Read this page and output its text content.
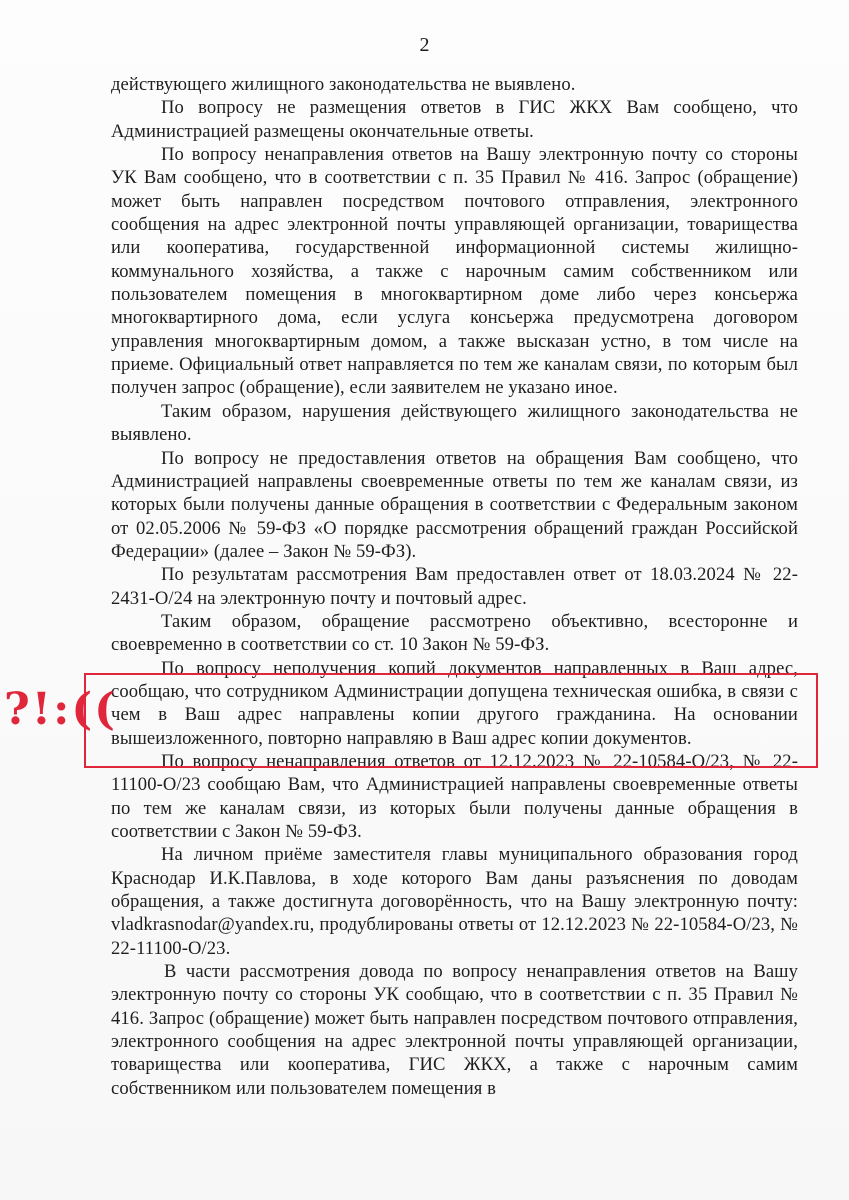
2

действующего жилищного законодательства не выявлено.

По вопросу не размещения ответов в ГИС ЖКХ Вам сообщено, что Администрацией размещены окончательные ответы.

По вопросу ненаправления ответов на Вашу электронную почту со стороны УК Вам сообщено, что в соответствии с п. 35 Правил № 416. Запрос (обращение) может быть направлен посредством почтового отправления, электронного сообщения на адрес электронной почты управляющей организации, товарищества или кооператива, государственной информационной системы жилищно-коммунального хозяйства, а также с нарочным самим собственником или пользователем помещения в многоквартирном доме либо через консьержа многоквартирного дома, если услуга консьержа предусмотрена договором управления многоквартирным домом, а также высказан устно, в том числе на приеме. Официальный ответ направляется по тем же каналам связи, по которым был получен запрос (обращение), если заявителем не указано иное.

Таким образом, нарушения действующего жилищного законодательства не выявлено.

По вопросу не предоставления ответов на обращения Вам сообщено, что Администрацией направлены своевременные ответы по тем же каналам связи, из которых были получены данные обращения в соответствии с Федеральным законом от 02.05.2006 № 59-ФЗ «О порядке рассмотрения обращений граждан Российской Федерации» (далее – Закон № 59-ФЗ).

По результатам рассмотрения Вам предоставлен ответ от 18.03.2024 № 22-2431-О/24 на электронную почту и почтовый адрес.

Таким образом, обращение рассмотрено объективно, всесторонне и своевременно в соответствии со ст. 10 Закон № 59-ФЗ.

По вопросу неполучения копий документов направленных в Ваш адрес, сообщаю, что сотрудником Администрации допущена техническая ошибка, в связи с чем в Ваш адрес направлены копии другого гражданина. На основании вышеизложенного, повторно направляю в Ваш адрес копии документов.

По вопросу ненаправления ответов от 12.12.2023 № 22-10584-О/23, № 22-11100-О/23 сообщаю Вам, что Администрацией направлены своевременные ответы по тем же каналам связи, из которых были получены данные обращения в соответствии с Закон № 59-ФЗ.

На личном приёме заместителя главы муниципального образования город Краснодар И.К.Павлова, в ходе которого Вам даны разъяснения по доводам обращения, а также достигнута договорённость, что на Вашу электронную почту: vladkrasnodar@yandex.ru, продублированы ответы от 12.12.2023 № 22-10584-О/23, № 22-11100-О/23.

В части рассмотрения довода по вопросу ненаправления ответов на Вашу электронную почту со стороны УК сообщаю, что в соответствии с п. 35 Правил № 416. Запрос (обращение) может быть направлен посредством почтового отправления, электронного сообщения на адрес электронной почты управляющей организации, товарищества или кооператива, ГИС ЖКХ, а также с нарочным самим собственником или пользователем помещения в

?!:((
